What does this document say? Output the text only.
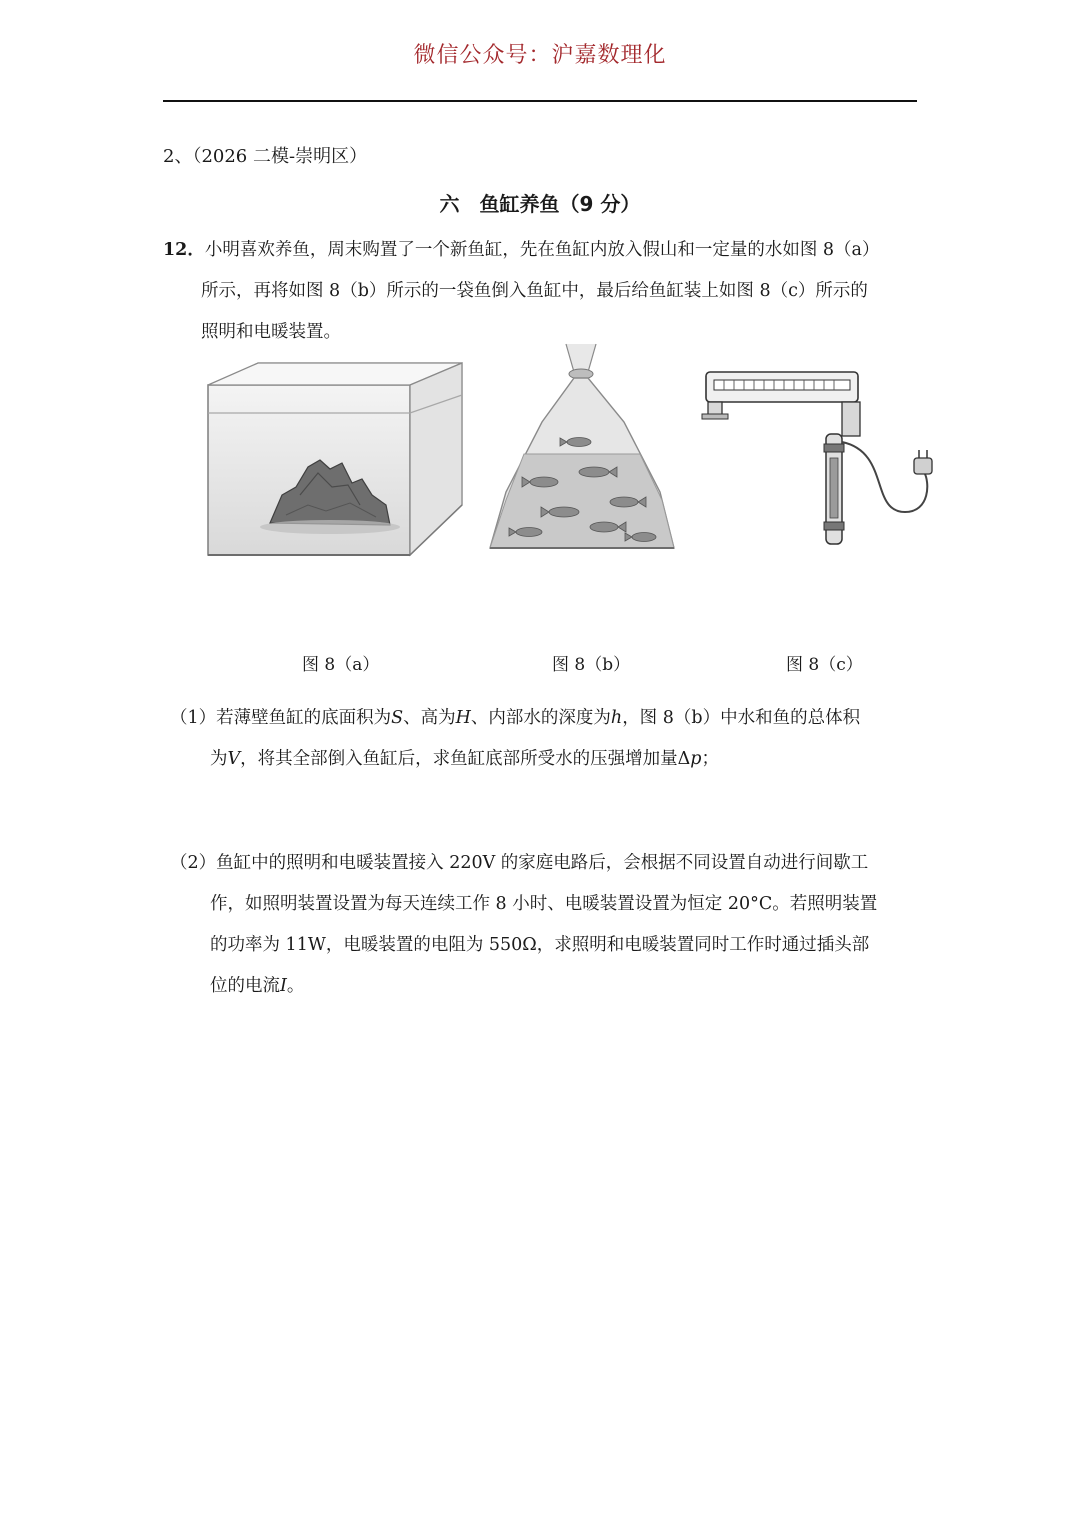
微信公众号：沪嘉数理化
2、（2026 二模-崇明区）
六　鱼缸养鱼（9 分）
12．小明喜欢养鱼，周末购置了一个新鱼缸，先在鱼缸内放入假山和一定量的水如图 8（a）
所示，再将如图 8（b）所示的一袋鱼倒入鱼缸中，最后给鱼缸装上如图 8（c）所示的
照明和电暖装置。
图 8（a）	图 8（b）	图 8（c）
（1）若薄壁鱼缸的底面积为S、高为H、内部水的深度为h，图 8（b）中水和鱼的总体积
为V，将其全部倒入鱼缸后，求鱼缸底部所受水的压强增加量Δp；
（2）鱼缸中的照明和电暖装置接入 220V 的家庭电路后，会根据不同设置自动进行间歇工
作，如照明装置设置为每天连续工作 8 小时、电暖装置设置为恒定 20°C。若照明装置
的功率为 11W，电暖装置的电阻为 550Ω，求照明和电暖装置同时工作时通过插头部
位的电流I。
